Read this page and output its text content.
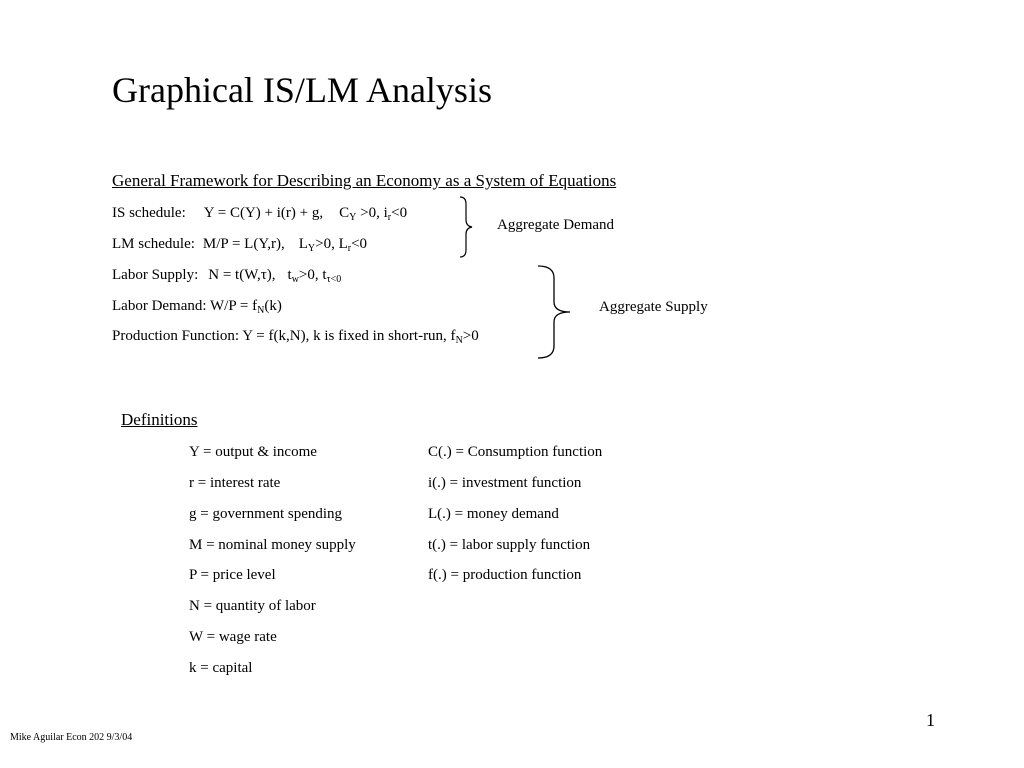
Graphical IS/LM Analysis
General Framework for Describing an Economy as a System of Equations
IS schedule: Y = C(Y) + i(r) + g, $C_Y >0$, $i_r<0$
LM schedule: M/P = L(Y,r), $L_Y>0$, $L_r<0$
Labor Supply: N = t(W,τ), $t_w>0$, $t_{\tau<0}$
Labor Demand: $W/P = f_N(k)$
Production Function: Y = f(k,N), k is fixed in short-run, $f_N>0$
Aggregate Demand
Aggregate Supply
Definitions
Y = output & income
r = interest rate
g = government spending
M = nominal money supply
P = price level
N = quantity of labor
W = wage rate
k = capital
C(.) = Consumption function
i(.) = investment function
L(.) = money demand
t(.) = labor supply function
f(.) = production function
1
Mike Aguilar Econ 202 9/3/04
